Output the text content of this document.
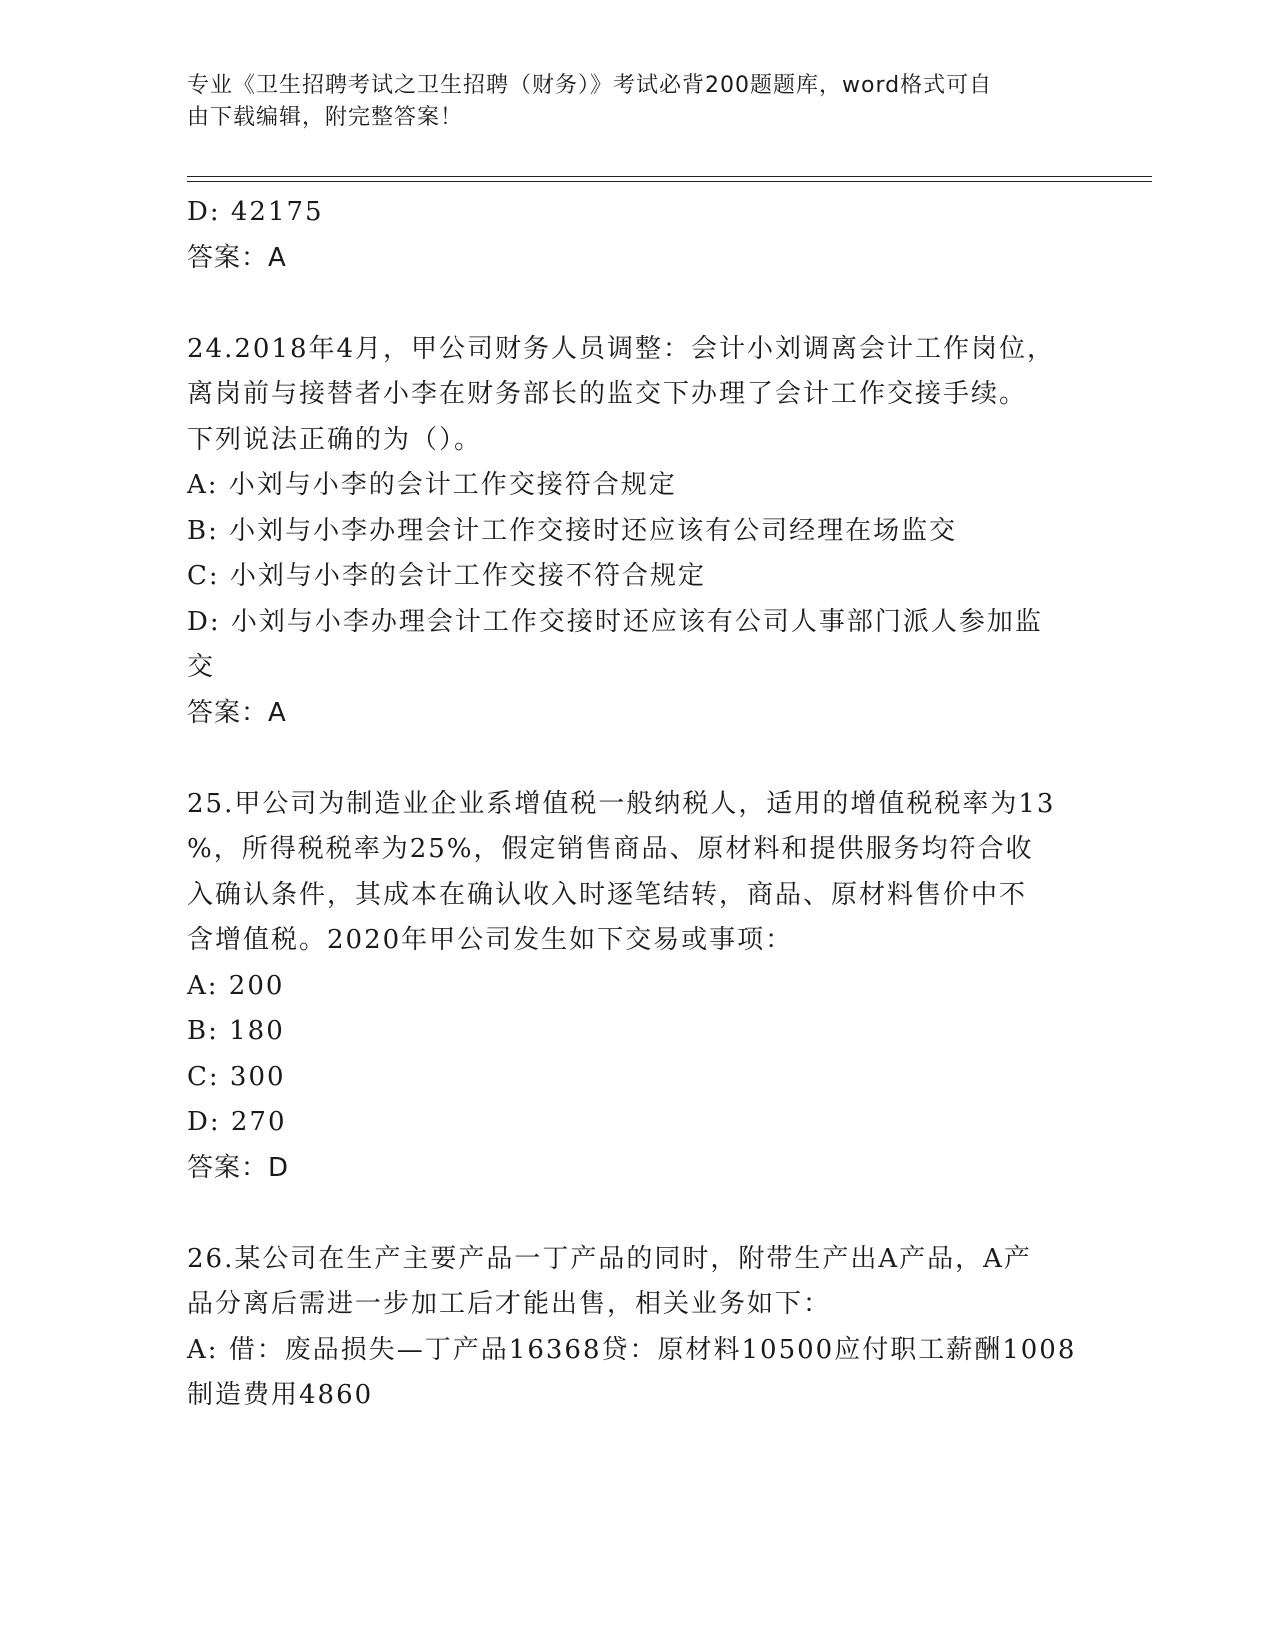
专业《卫生招聘考试之卫生招聘（财务）》考试必背200题题库，word格式可自
由下载编辑，附完整答案！
D: 42175
答案：A
24.2018年4月，甲公司财务人员调整：会计小刘调离会计工作岗位，
离岗前与接替者小李在财务部长的监交下办理了会计工作交接手续。
下列说法正确的为（）。
A: 小刘与小李的会计工作交接符合规定
B: 小刘与小李办理会计工作交接时还应该有公司经理在场监交
C: 小刘与小李的会计工作交接不符合规定
D: 小刘与小李办理会计工作交接时还应该有公司人事部门派人参加监
交
答案：A
25.甲公司为制造业企业系增值税一般纳税人，适用的增值税税率为13
%，所得税税率为25%，假定销售商品、原材料和提供服务均符合收
入确认条件，其成本在确认收入时逐笔结转，商品、原材料售价中不
含增值税。2020年甲公司发生如下交易或事项：
A: 200
B: 180
C: 300
D: 270
答案：D
26.某公司在生产主要产品一丁产品的同时，附带生产出A产品，A产
品分离后需进一步加工后才能出售，相关业务如下：
A: 借：废品损失—丁产品16368贷：原材料10500应付职工薪酬1008
制造费用4860
